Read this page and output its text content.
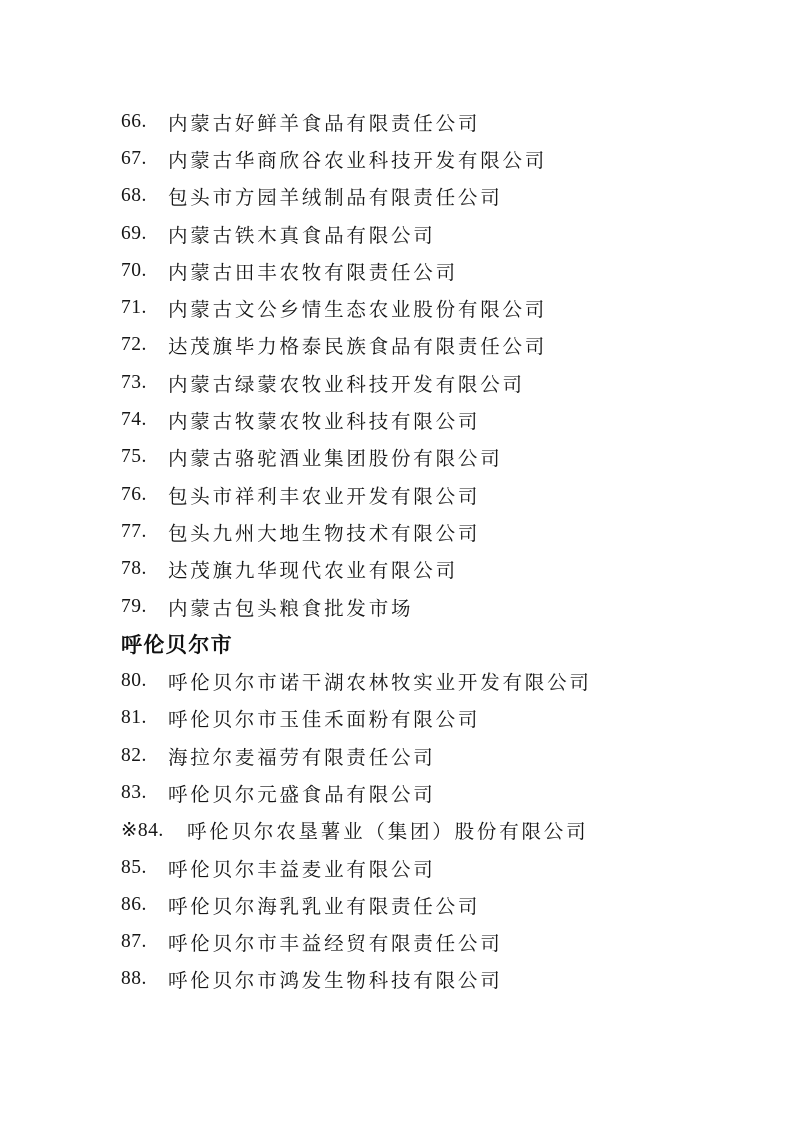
66.	内蒙古好鲜羊食品有限责任公司
67.	内蒙古华商欣谷农业科技开发有限公司
68.	包头市方园羊绒制品有限责任公司
69.	内蒙古铁木真食品有限公司
70.	内蒙古田丰农牧有限责任公司
71.	内蒙古文公乡情生态农业股份有限公司
72.	达茂旗毕力格泰民族食品有限责任公司
73.	内蒙古绿蒙农牧业科技开发有限公司
74.	内蒙古牧蒙农牧业科技有限公司
75.	内蒙古骆驼酒业集团股份有限公司
76.	包头市祥利丰农业开发有限公司
77.	包头九州大地生物技术有限公司
78.	达茂旗九华现代农业有限公司
79.	内蒙古包头粮食批发市场
呼伦贝尔市
80.	呼伦贝尔市诺干湖农林牧实业开发有限公司
81.	呼伦贝尔市玉佳禾面粉有限公司
82.	海拉尔麦福劳有限责任公司
83.	呼伦贝尔元盛食品有限公司
※84.	呼伦贝尔农垦薯业（集团）股份有限公司
85.	呼伦贝尔丰益麦业有限公司
86.	呼伦贝尔海乳乳业有限责任公司
87.	呼伦贝尔市丰益经贸有限责任公司
88.	呼伦贝尔市鸿发生物科技有限公司
